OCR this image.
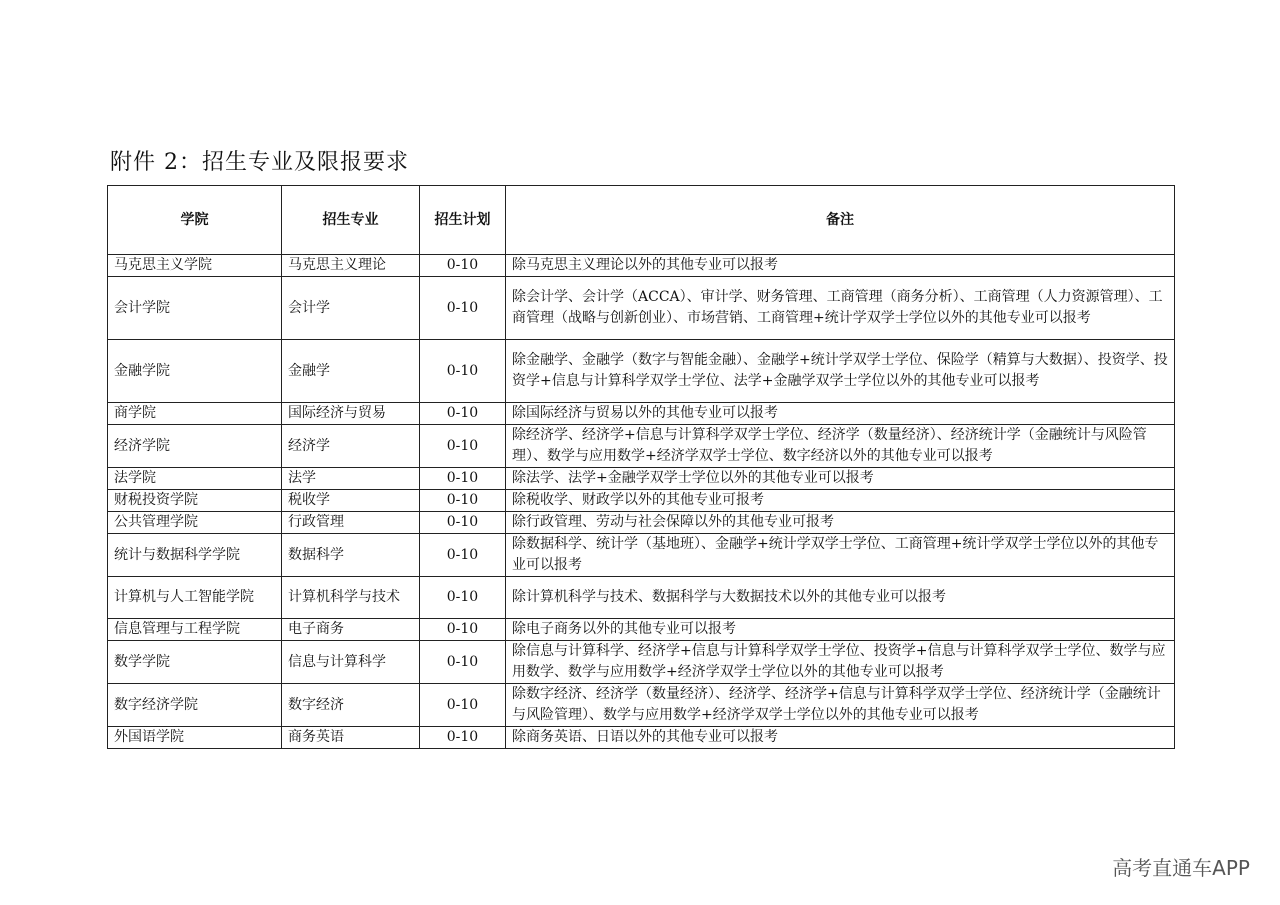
附件 2：招生专业及限报要求
学院	招生专业	招生计划	备注
马克思主义学院	马克思主义理论	0-10	除马克思主义理论以外的其他专业可以报考
会计学院	会计学	0-10	除会计学、会计学（ACCA）、审计学、财务管理、工商管理（商务分析）、工商管理（人力资源管理）、工商管理（战略与创新创业）、市场营销、工商管理+统计学双学士学位以外的其他专业可以报考
金融学院	金融学	0-10	除金融学、金融学（数字与智能金融）、金融学+统计学双学士学位、保险学（精算与大数据）、投资学、投资学+信息与计算科学双学士学位、法学+金融学双学士学位以外的其他专业可以报考
商学院	国际经济与贸易	0-10	除国际经济与贸易以外的其他专业可以报考
经济学院	经济学	0-10	除经济学、经济学+信息与计算科学双学士学位、经济学（数量经济）、经济统计学（金融统计与风险管理）、数学与应用数学+经济学双学士学位、数字经济以外的其他专业可以报考
法学院	法学	0-10	除法学、法学+金融学双学士学位以外的其他专业可以报考
财税投资学院	税收学	0-10	除税收学、财政学以外的其他专业可报考
公共管理学院	行政管理	0-10	除行政管理、劳动与社会保障以外的其他专业可报考
统计与数据科学学院	数据科学	0-10	除数据科学、统计学（基地班）、金融学+统计学双学士学位、工商管理+统计学双学士学位以外的其他专业可以报考
计算机与人工智能学院	计算机科学与技术	0-10	除计算机科学与技术、数据科学与大数据技术以外的其他专业可以报考
信息管理与工程学院	电子商务	0-10	除电子商务以外的其他专业可以报考
数学学院	信息与计算科学	0-10	除信息与计算科学、经济学+信息与计算科学双学士学位、投资学+信息与计算科学双学士学位、数学与应用数学、数学与应用数学+经济学双学士学位以外的其他专业可以报考
数字经济学院	数字经济	0-10	除数字经济、经济学（数量经济）、经济学、经济学+信息与计算科学双学士学位、经济统计学（金融统计与风险管理）、数学与应用数学+经济学双学士学位以外的其他专业可以报考
外国语学院	商务英语	0-10	除商务英语、日语以外的其他专业可以报考
高考直通车APP
